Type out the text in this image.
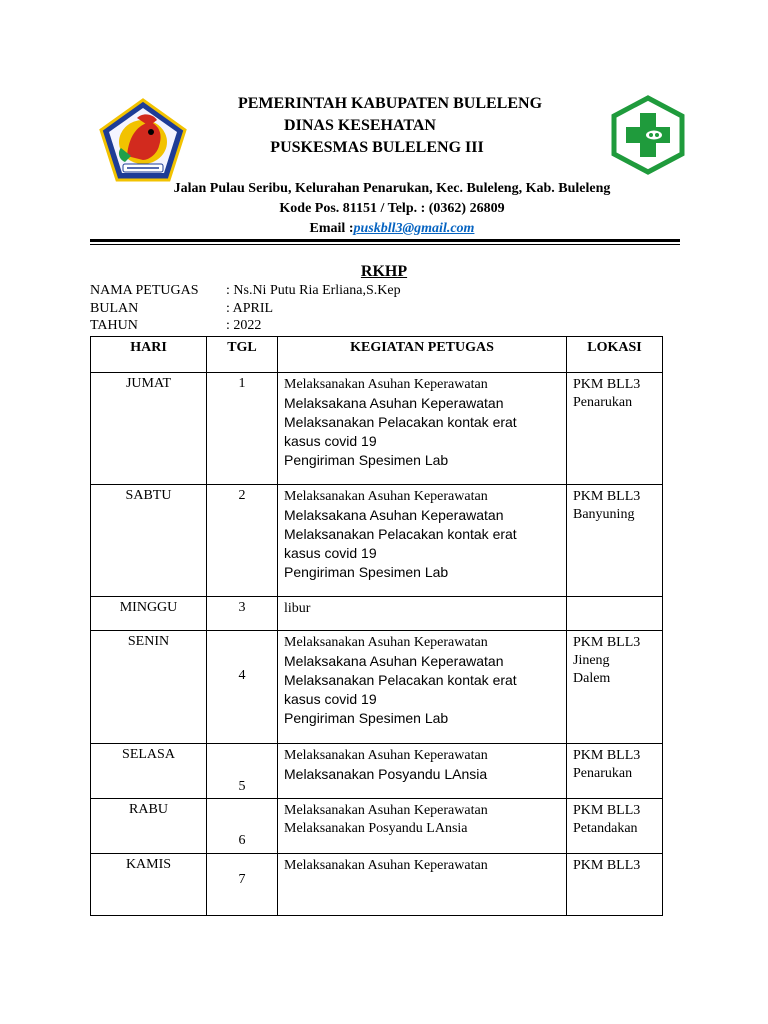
PEMERINTAH KABUPATEN BULELENG
DINAS KESEHATAN
PUSKESMAS BULELENG III
Jalan Pulau Seribu, Kelurahan Penarukan, Kec. Buleleng, Kab. Buleleng
Kode Pos. 81151 / Telp. : (0362) 26809
Email :puskbll3@gmail.com
RKHP
NAMA PETUGAS : Ns.Ni Putu Ria Erliana,S.Kep
BULAN	: APRIL
TAHUN	: 2022
HARI	TGL	KEGIATAN PETUGAS	LOKASI
JUMAT	1	Melaksanakan Asuhan Keperawatan
Melaksakana Asuhan Keperawatan
Melaksanakan Pelacakan kontak erat
kasus covid 19
Pengiriman Spesimen Lab	PKM BLL3
Penarukan

SABTU	2	Melaksanakan Asuhan Keperawatan
Melaksakana Asuhan Keperawatan
Melaksanakan Pelacakan kontak erat
kasus covid 19
Pengiriman Spesimen Lab	PKM BLL3
Banyuning

MINGGU	3	libur	

SENIN	4	Melaksanakan Asuhan Keperawatan
Melaksakana Asuhan Keperawatan
Melaksanakan Pelacakan kontak erat
kasus covid 19
Pengiriman Spesimen Lab	PKM BLL3
Jineng
Dalem

SELASA	5	Melaksanakan Asuhan Keperawatan
Melaksanakan Posyandu LAnsia	PKM BLL3
Penarukan

RABU	6	Melaksanakan Asuhan Keperawatan
Melaksanakan Posyandu LAnsia	PKM BLL3
Petandakan

KAMIS	7	Melaksanakan Asuhan Keperawatan	PKM BLL3
